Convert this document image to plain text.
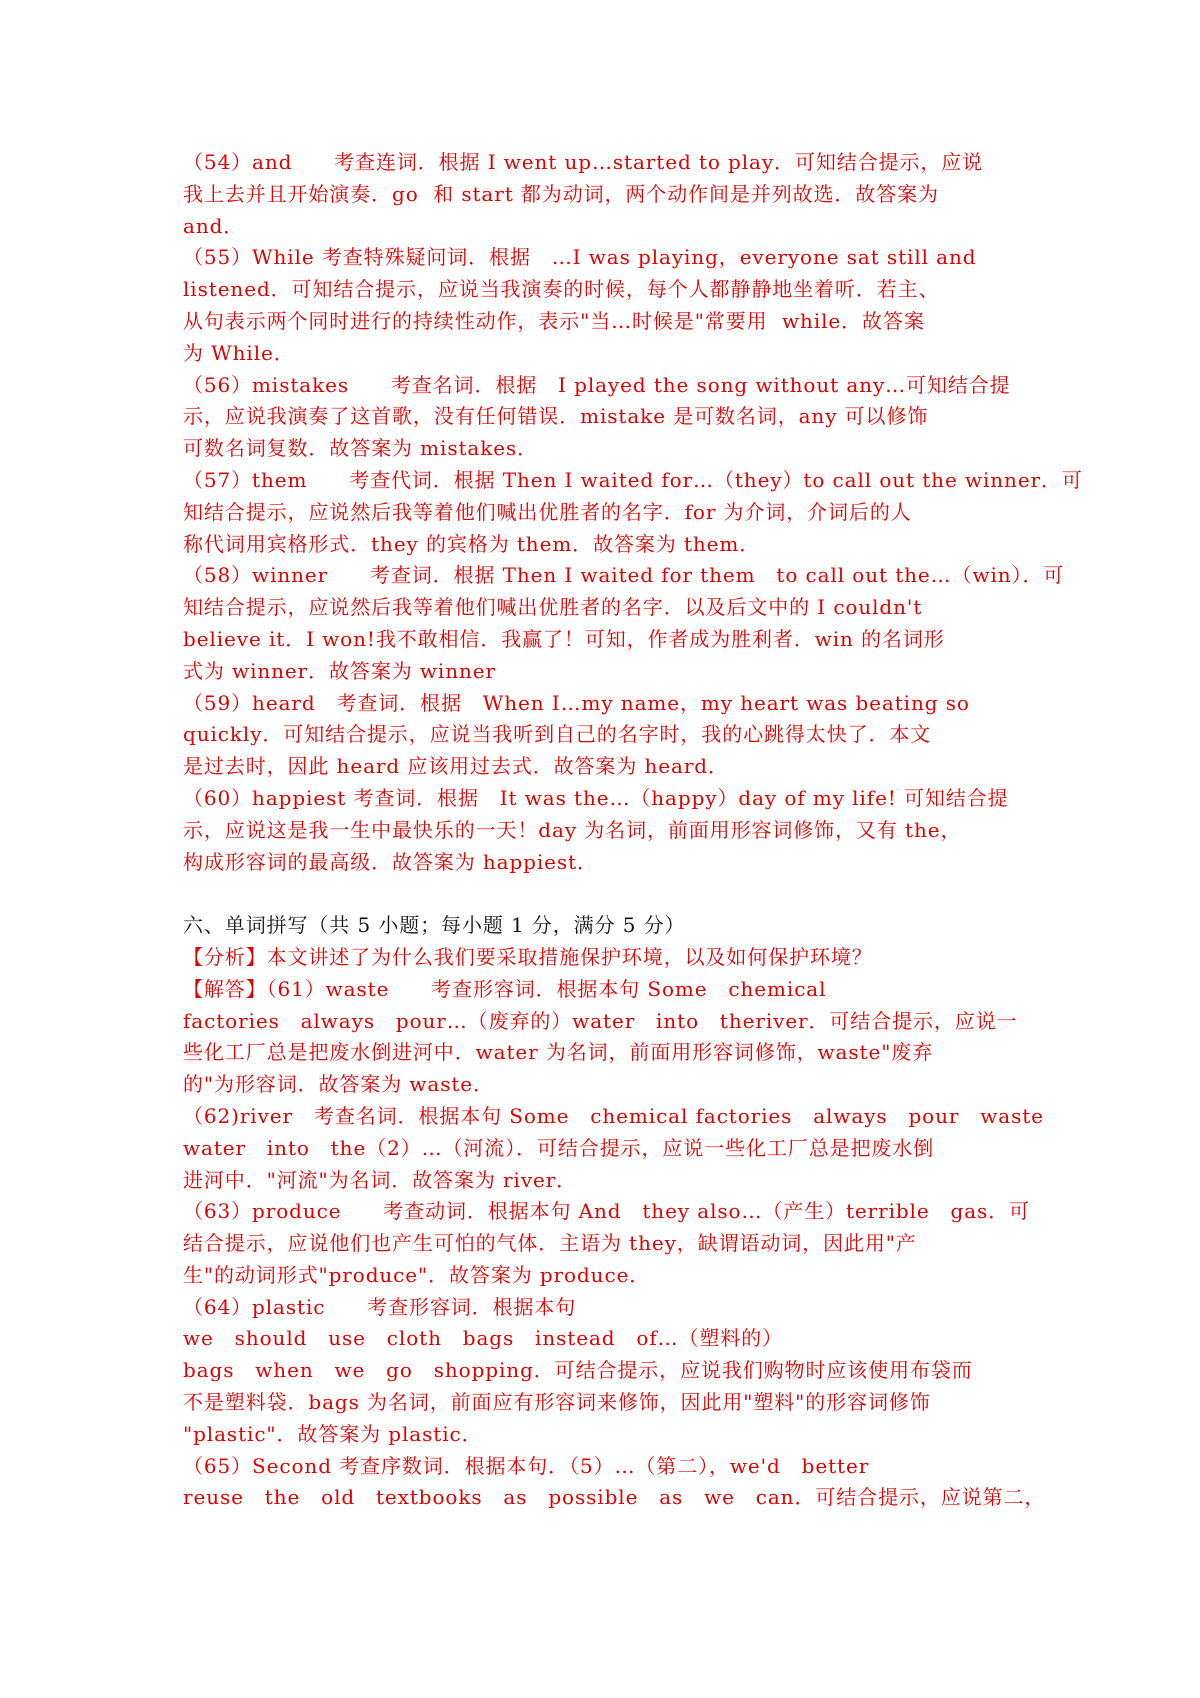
（54）and　　考查连词．根据 I went up…started to play．可知结合提示，应说
我上去并且开始演奏．go  和 start 都为动词，两个动作间是并列故选．故答案为
and．
（55）While 考查特殊疑问词．根据　…I was playing，everyone sat still and
listened．可知结合提示，应说当我演奏的时候，每个人都静静地坐着听．若主、
从句表示两个同时进行的持续性动作，表示"当…时候是"常要用  while．故答案
为 While．
（56）mistakes　　考查名词．根据　I played the song without any…可知结合提
示，应说我演奏了这首歌，没有任何错误．mistake 是可数名词，any 可以修饰
可数名词复数．故答案为 mistakes．
（57）them　　考查代词．根据 Then I waited for…（they）to call out the winner．可
知结合提示，应说然后我等着他们喊出优胜者的名字．for 为介词，介词后的人
称代词用宾格形式．they 的宾格为 them．故答案为 them．
（58）winner　　考查词．根据 Then I waited for them　to call out the…（win）．可
知结合提示，应说然后我等着他们喊出优胜者的名字．以及后文中的 I couldn't
believe it．I won!我不敢相信．我赢了！可知，作者成为胜利者．win 的名词形
式为 winner．故答案为 winner
（59）heard　考查词．根据　When I…my name，my heart was beating so
quickly．可知结合提示，应说当我听到自己的名字时，我的心跳得太快了．本文
是过去时，因此 heard 应该用过去式．故答案为 heard．
（60）happiest 考查词．根据　It was the…（happy）day of my life! 可知结合提
示，应说这是我一生中最快乐的一天！day 为名词，前面用形容词修饰，又有 the，
构成形容词的最高级．故答案为 happiest．
六、单词拼写（共 5 小题；每小题 1 分，满分 5 分）
【分析】本文讲述了为什么我们要采取措施保护环境，以及如何保护环境？
【解答】（61）waste　　考查形容词．根据本句 Some　chemical
factories　always　pour…（废弃的）water　into　theriver．可结合提示，应说一
些化工厂总是把废水倒进河中．water 为名词，前面用形容词修饰，waste"废弃
的"为形容词．故答案为 waste．
（62)river　考查名词．根据本句 Some　chemical factories　always　pour　waste
water　into　the（2）…（河流）．可结合提示，应说一些化工厂总是把废水倒
进河中．"河流"为名词．故答案为 river．
（63）produce　　考查动词．根据本句 And　they also…（产生）terrible　gas．可
结合提示，应说他们也产生可怕的气体．主语为 they，缺谓语动词，因此用"产
生"的动词形式"produce"．故答案为 produce．
（64）plastic　　考查形容词．根据本句
we　should　use　cloth　bags　instead　of…（塑料的）
bags　when　we　go　shopping．可结合提示，应说我们购物时应该使用布袋而
不是塑料袋．bags 为名词，前面应有形容词来修饰，因此用"塑料"的形容词修饰
"plastic"．故答案为 plastic．
（65）Second 考查序数词．根据本句．（5）…（第二），we'd　better
reuse　the　old　textbooks　as　possible　as　we　can．可结合提示，应说第二，
